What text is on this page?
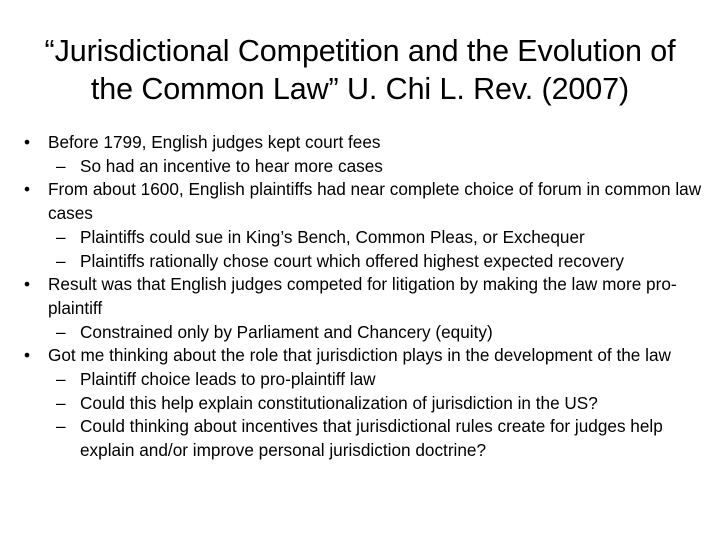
“Jurisdictional Competition and the Evolution of
the Common Law” U. Chi L. Rev. (2007)
• Before 1799, English judges kept court fees
– So had an incentive to hear more cases
• From about 1600, English plaintiffs had near complete choice of forum in common law cases
– Plaintiffs could sue in King’s Bench, Common Pleas, or Exchequer
– Plaintiffs rationally chose court which offered highest expected recovery
• Result was that English judges competed for litigation by making the law more pro-plaintiff
– Constrained only by Parliament and Chancery (equity)
• Got me thinking about the role that jurisdiction plays in the development of the law
– Plaintiff choice leads to pro-plaintiff law
– Could this help explain constitutionalization of jurisdiction in the US?
– Could thinking about incentives that jurisdictional rules create for judges help explain and/or improve personal jurisdiction doctrine?
